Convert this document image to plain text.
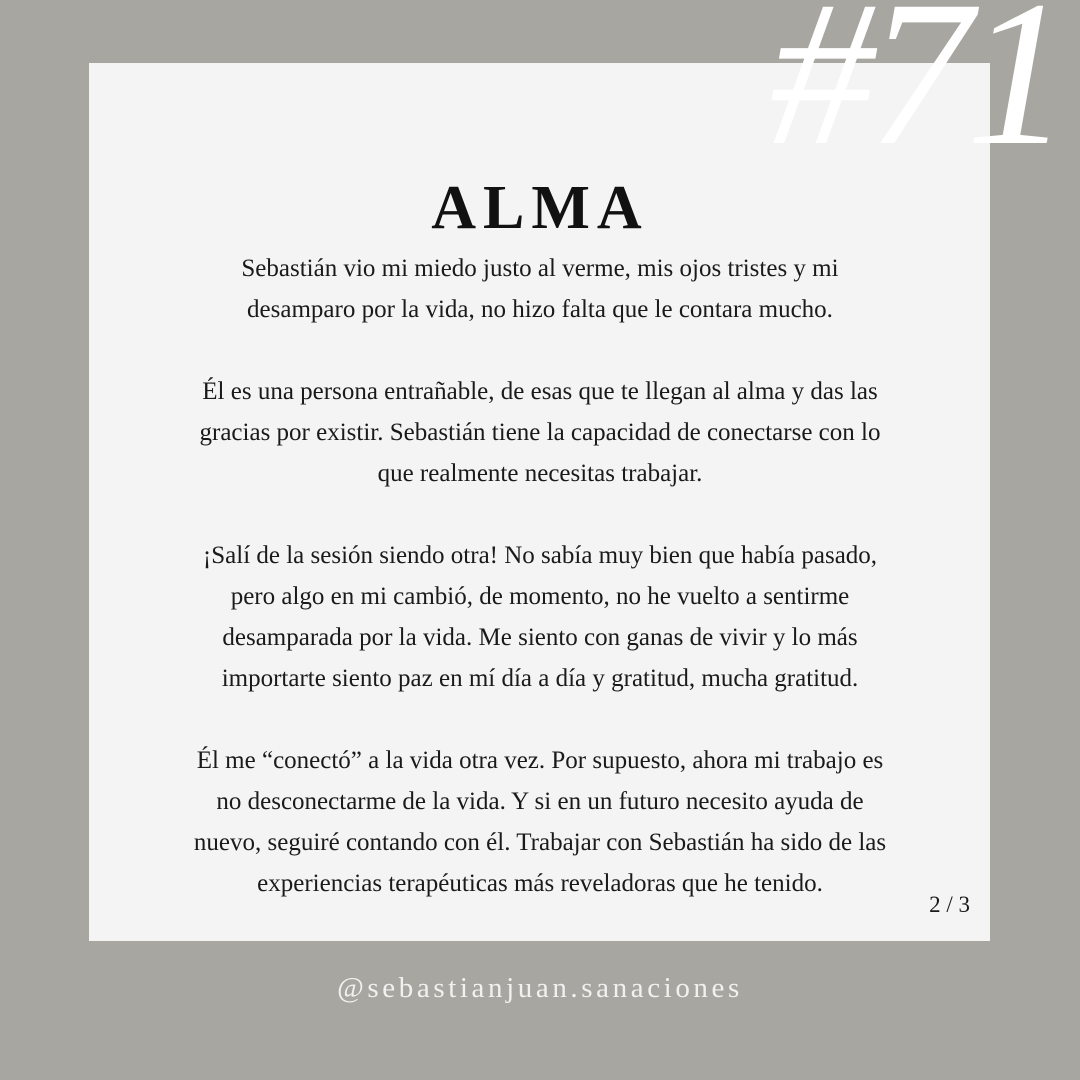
#71
ALMA

Sebastián vio mi miedo justo al verme, mis ojos tristes y mi
desamparo por la vida, no hizo falta que le contara mucho.

Él es una persona entrañable, de esas que te llegan al alma y das las
gracias por existir. Sebastián tiene la capacidad de conectarse con lo
que realmente necesitas trabajar.

¡Salí de la sesión siendo otra! No sabía muy bien que había pasado,
pero algo en mi cambió, de momento, no he vuelto a sentirme
desamparada por la vida. Me siento con ganas de vivir y lo más
importarte siento paz en mí día a día y gratitud, mucha gratitud.

Él me “conectó” a la vida otra vez. Por supuesto, ahora mi trabajo es
no desconectarme de la vida. Y si en un futuro necesito ayuda de
nuevo, seguiré contando con él. Trabajar con Sebastián ha sido de las
experiencias terapéuticas más reveladoras que he tenido.

2 / 3
@sebastianjuan.sanaciones
